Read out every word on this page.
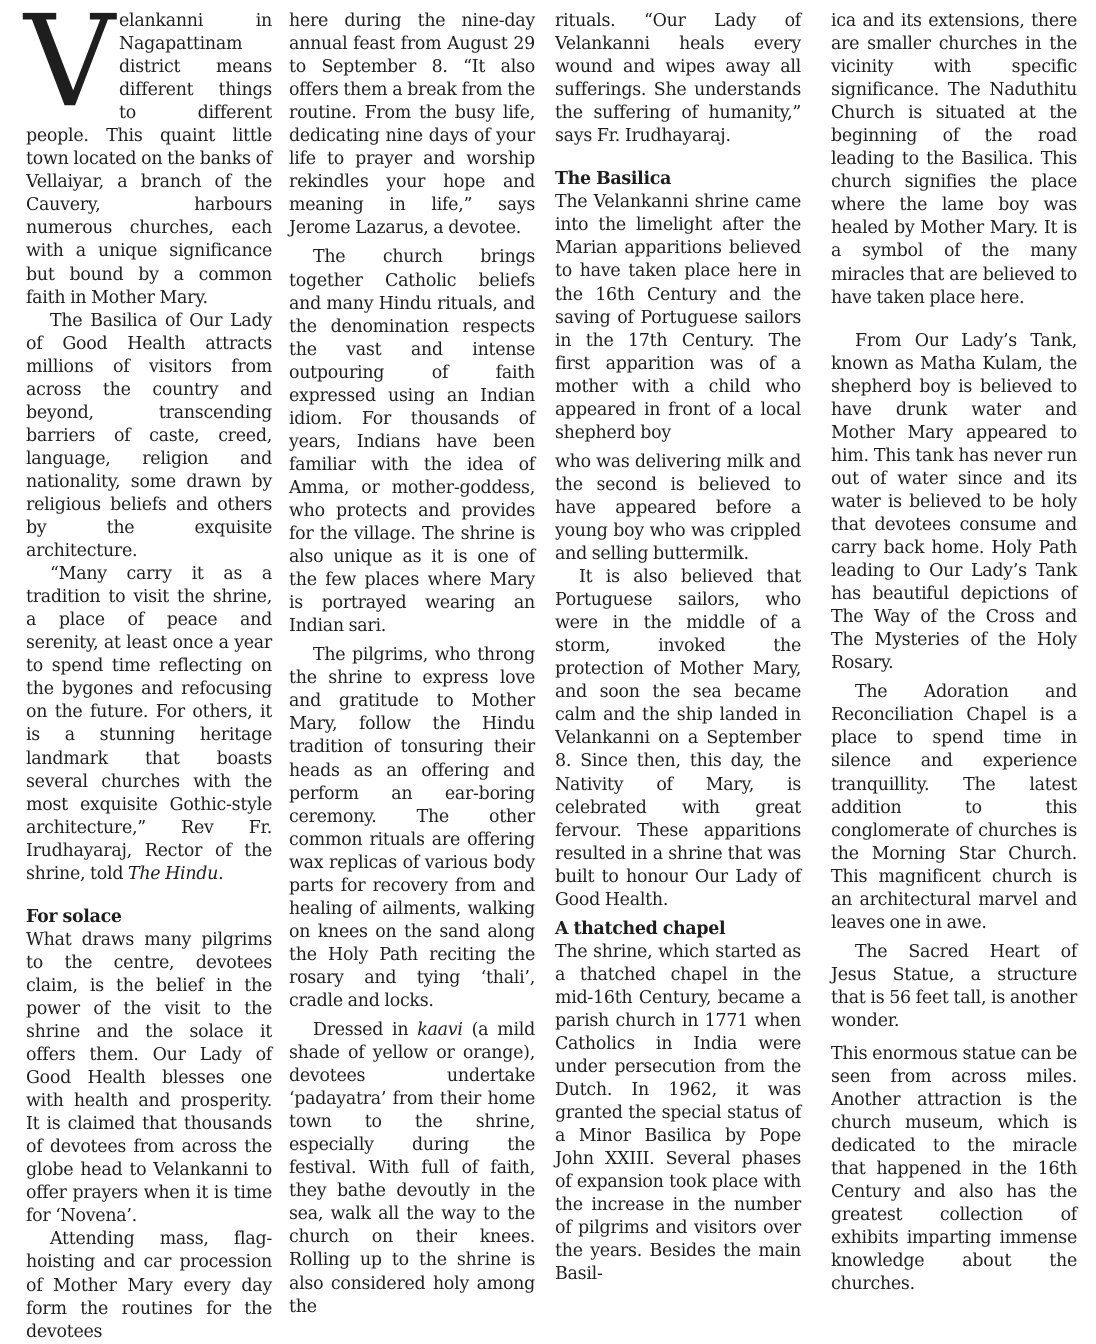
Velankanni in Nagapattinam district means different things to different people. This quaint little town located on the banks of Vellaiyar, a branch of the Cauvery, harbours numerous churches, each with a unique significance but bound by a common faith in Mother Mary.

The Basilica of Our Lady of Good Health attracts millions of visitors from across the country and beyond, transcending barriers of caste, creed, language, religion and nationality, some drawn by religious beliefs and others by the exquisite architecture.

“Many carry it as a tradition to visit the shrine, a place of peace and serenity, at least once a year to spend time reflecting on the bygones and refocusing on the future. For others, it is a stunning heritage landmark that boasts several churches with the most exquisite Gothic-style architecture,” Rev Fr. Irudhayaraj, Rector of the shrine, told The Hindu.

For solace

What draws many pilgrims to the centre, devotees claim, is the belief in the power of the visit to the shrine and the solace it offers them. Our Lady of Good Health blesses one with health and prosperity. It is claimed that thousands of devotees from across the globe head to Velankanni to offer prayers when it is time for ‘Novena’.

Attending mass, flag-hoisting and car procession of Mother Mary every day form the routines for the devotees

here during the nine-day annual feast from August 29 to September 8. “It also offers them a break from the routine. From the busy life, dedicating nine days of your life to prayer and worship rekindles your hope and meaning in life,” says Jerome Lazarus, a devotee.

The church brings together Catholic beliefs and many Hindu rituals, and the denomination respects the vast and intense outpouring of faith expressed using an Indian idiom. For thousands of years, Indians have been familiar with the idea of Amma, or mother-goddess, who protects and provides for the village. The shrine is also unique as it is one of the few places where Mary is portrayed wearing an Indian sari.

The pilgrims, who throng the shrine to express love and gratitude to Mother Mary, follow the Hindu tradition of tonsuring their heads as an offering and perform an ear-boring ceremony. The other common rituals are offering wax replicas of various body parts for recovery from and healing of ailments, walking on knees on the sand along the Holy Path reciting the rosary and tying ‘thali’, cradle and locks.

Dressed in kaavi (a mild shade of yellow or orange), devotees undertake ‘padayatra’ from their home town to the shrine, especially during the festival. With full of faith, they bathe devoutly in the sea, walk all the way to the church on their knees. Rolling up to the shrine is also considered holy among the

rituals. “Our Lady of Velankanni heals every wound and wipes away all sufferings. She understands the suffering of humanity,” says Fr. Irudhayaraj.

The Basilica

The Velankanni shrine came into the limelight after the Marian apparitions believed to have taken place here in the 16th Century and the saving of Portuguese sailors in the 17th Century. The first apparition was of a mother with a child who appeared in front of a local shepherd boy

who was delivering milk and the second is believed to have appeared before a young boy who was crippled and selling buttermilk.

It is also believed that Portuguese sailors, who were in the middle of a storm, invoked the protection of Mother Mary, and soon the sea became calm and the ship landed in Velankanni on a September 8. Since then, this day, the Nativity of Mary, is celebrated with great fervour. These apparitions resulted in a shrine that was built to honour Our Lady of Good Health.

A thatched chapel

The shrine, which started as a thatched chapel in the mid-16th Century, became a parish church in 1771 when Catholics in India were under persecution from the Dutch. In 1962, it was granted the special status of a Minor Basilica by Pope John XXIII. Several phases of expansion took place with the increase in the number of pilgrims and visitors over the years. Besides the main Basil-

ica and its extensions, there are smaller churches in the vicinity with specific significance. The Naduthitu Church is situated at the beginning of the road leading to the Basilica. This church signifies the place where the lame boy was healed by Mother Mary. It is a symbol of the many miracles that are believed to have taken place here.

From Our Lady’s Tank, known as Matha Kulam, the shepherd boy is believed to have drunk water and Mother Mary appeared to him. This tank has never run out of water since and its water is believed to be holy that devotees consume and carry back home. Holy Path leading to Our Lady’s Tank has beautiful depictions of The Way of the Cross and The Mysteries of the Holy Rosary.

The Adoration and Reconciliation Chapel is a place to spend time in silence and experience tranquillity. The latest addition to this conglomerate of churches is the Morning Star Church. This magnificent church is an architectural marvel and leaves one in awe.

The Sacred Heart of Jesus Statue, a structure that is 56 feet tall, is another wonder.

This enormous statue can be seen from across miles. Another attraction is the church museum, which is dedicated to the miracle that happened in the 16th Century and also has the greatest collection of exhibits imparting immense knowledge about the churches.
